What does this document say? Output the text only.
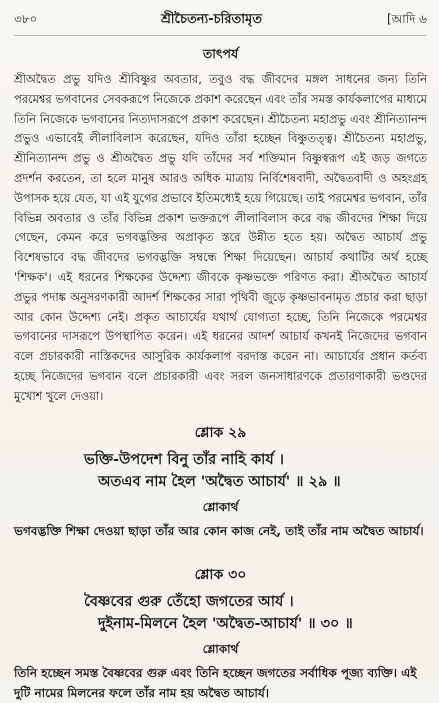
৩৮০	শ্রীচৈতন্য-চরিতামৃত	[আদি ৬
তাৎপর্য
শ্রীঅদ্বৈত প্রভু যদিও শ্রীবিষ্ণুর অবতার, তবুও বদ্ধ জীবদের মঙ্গল সাধনের জন্য তিনি পরমেশ্বর ভগবানের সেবকরূপে নিজেকে প্রকাশ করেছেন এবং তাঁর সমস্ত কার্যকলাপের মাধ্যমে তিনি নিজেকে ভগবানের নিত্যদাসরূপে প্রকাশ করেছেন। শ্রীচৈতন্য মহাপ্রভু এবং শ্রীনিত্যানন্দ প্রভুও এভাবেই লীলাবিলাস করেছেন, যদিও তাঁরা হচ্ছেন বিষ্ণুতত্ত্ব। শ্রীচৈতন্য মহাপ্রভু, শ্রীনিত্যানন্দ প্রভু ও শ্রীঅদ্বৈত প্রভু যদি তাঁদের সর্ব শক্তিমান বিষ্ণুস্বরূপ এই জড় জগতে প্রদর্শন করতেন, তা হলে মানুষ আরও অধিক মাত্রায় নির্বিশেষবাদী, অদ্বৈতবাদী ও অহংগ্রহ উপাসক হয়ে যেত, যা এই যুগের প্রভাবে ইতিমধ্যেই হয়ে গিয়েছে। তাই পরমেশ্বর ভগবান, তাঁর বিভিন্ন অবতার ও তাঁর বিভিন্ন প্রকাশ ভক্তরূপে লীলাবিলাস করে বদ্ধ জীবদের শিক্ষা দিয়ে গেছেন, কেমন করে ভগবদ্ভক্তির অপ্রাকৃত স্তরে উন্নীত হতে হয়। অদ্বৈত আচার্য প্রভু বিশেষভাবে বদ্ধ জীবদের ভগবদ্ভক্তি সম্বন্ধে শিক্ষা দিয়েছেন। আচার্য কথাটির অর্থ হচ্ছে 'শিক্ষক'। এই ধরনের শিক্ষকের উদ্দেশ্য জীবকে কৃষ্ণভক্তে পরিণত করা। শ্রীঅদ্বৈত আচার্য প্রভুর পদাঙ্ক অনুসরণকারী আদর্শ শিক্ষকের সারা পৃথিবী জুড়ে কৃষ্ণভাবনামৃত প্রচার করা ছাড়া আর কোন উদ্দেশ্য নেই। প্রকৃত আচার্যের যথার্থ যোগ্যতা হচ্ছে, তিনি নিজেকে পরমেশ্বর ভগবানের দাসরূপে উপস্থাপিত করেন। এই ধরনের আদর্শ আচার্য কখনই নিজেদের ভগবান বলে প্রচারকারী নাস্তিকদের আসুরিক কার্যকলাপ বরদাস্ত করেন না। আচার্যের প্রধান কর্তব্য হচ্ছে নিজেদের ভগবান বলে প্রচারকারী এবং সরল জনসাধারণকে প্রতারণাকারী ভণ্ডদের মুখোশ খুলে দেওয়া।
শ্লোক ২৯
ভক্তি-উপদেশ বিনু তাঁর নাহি কার্য ।
অতএব নাম হৈল 'অদ্বৈত আচার্য' ॥ ২৯ ॥
শ্লোকার্থ
ভগবদ্ভক্তি শিক্ষা দেওয়া ছাড়া তাঁর আর কোন কাজ নেই, তাই তাঁর নাম অদ্বৈত আচার্য।
শ্লোক ৩০
বৈষ্ণবের গুরু তেঁহো জগতের আর্য ।
দুইনাম-মিলনে হৈল 'অদ্বৈত-আচার্য' ॥ ৩০ ॥
শ্লোকার্থ
তিনি হচ্ছেন সমস্ত বৈষ্ণবের গুরু এবং তিনি হচ্ছেন জগতের সর্বাধিক পূজ্য ব্যক্তি। এই দুটি নামের মিলনের ফলে তাঁর নাম হয় অদ্বৈত আচার্য।
